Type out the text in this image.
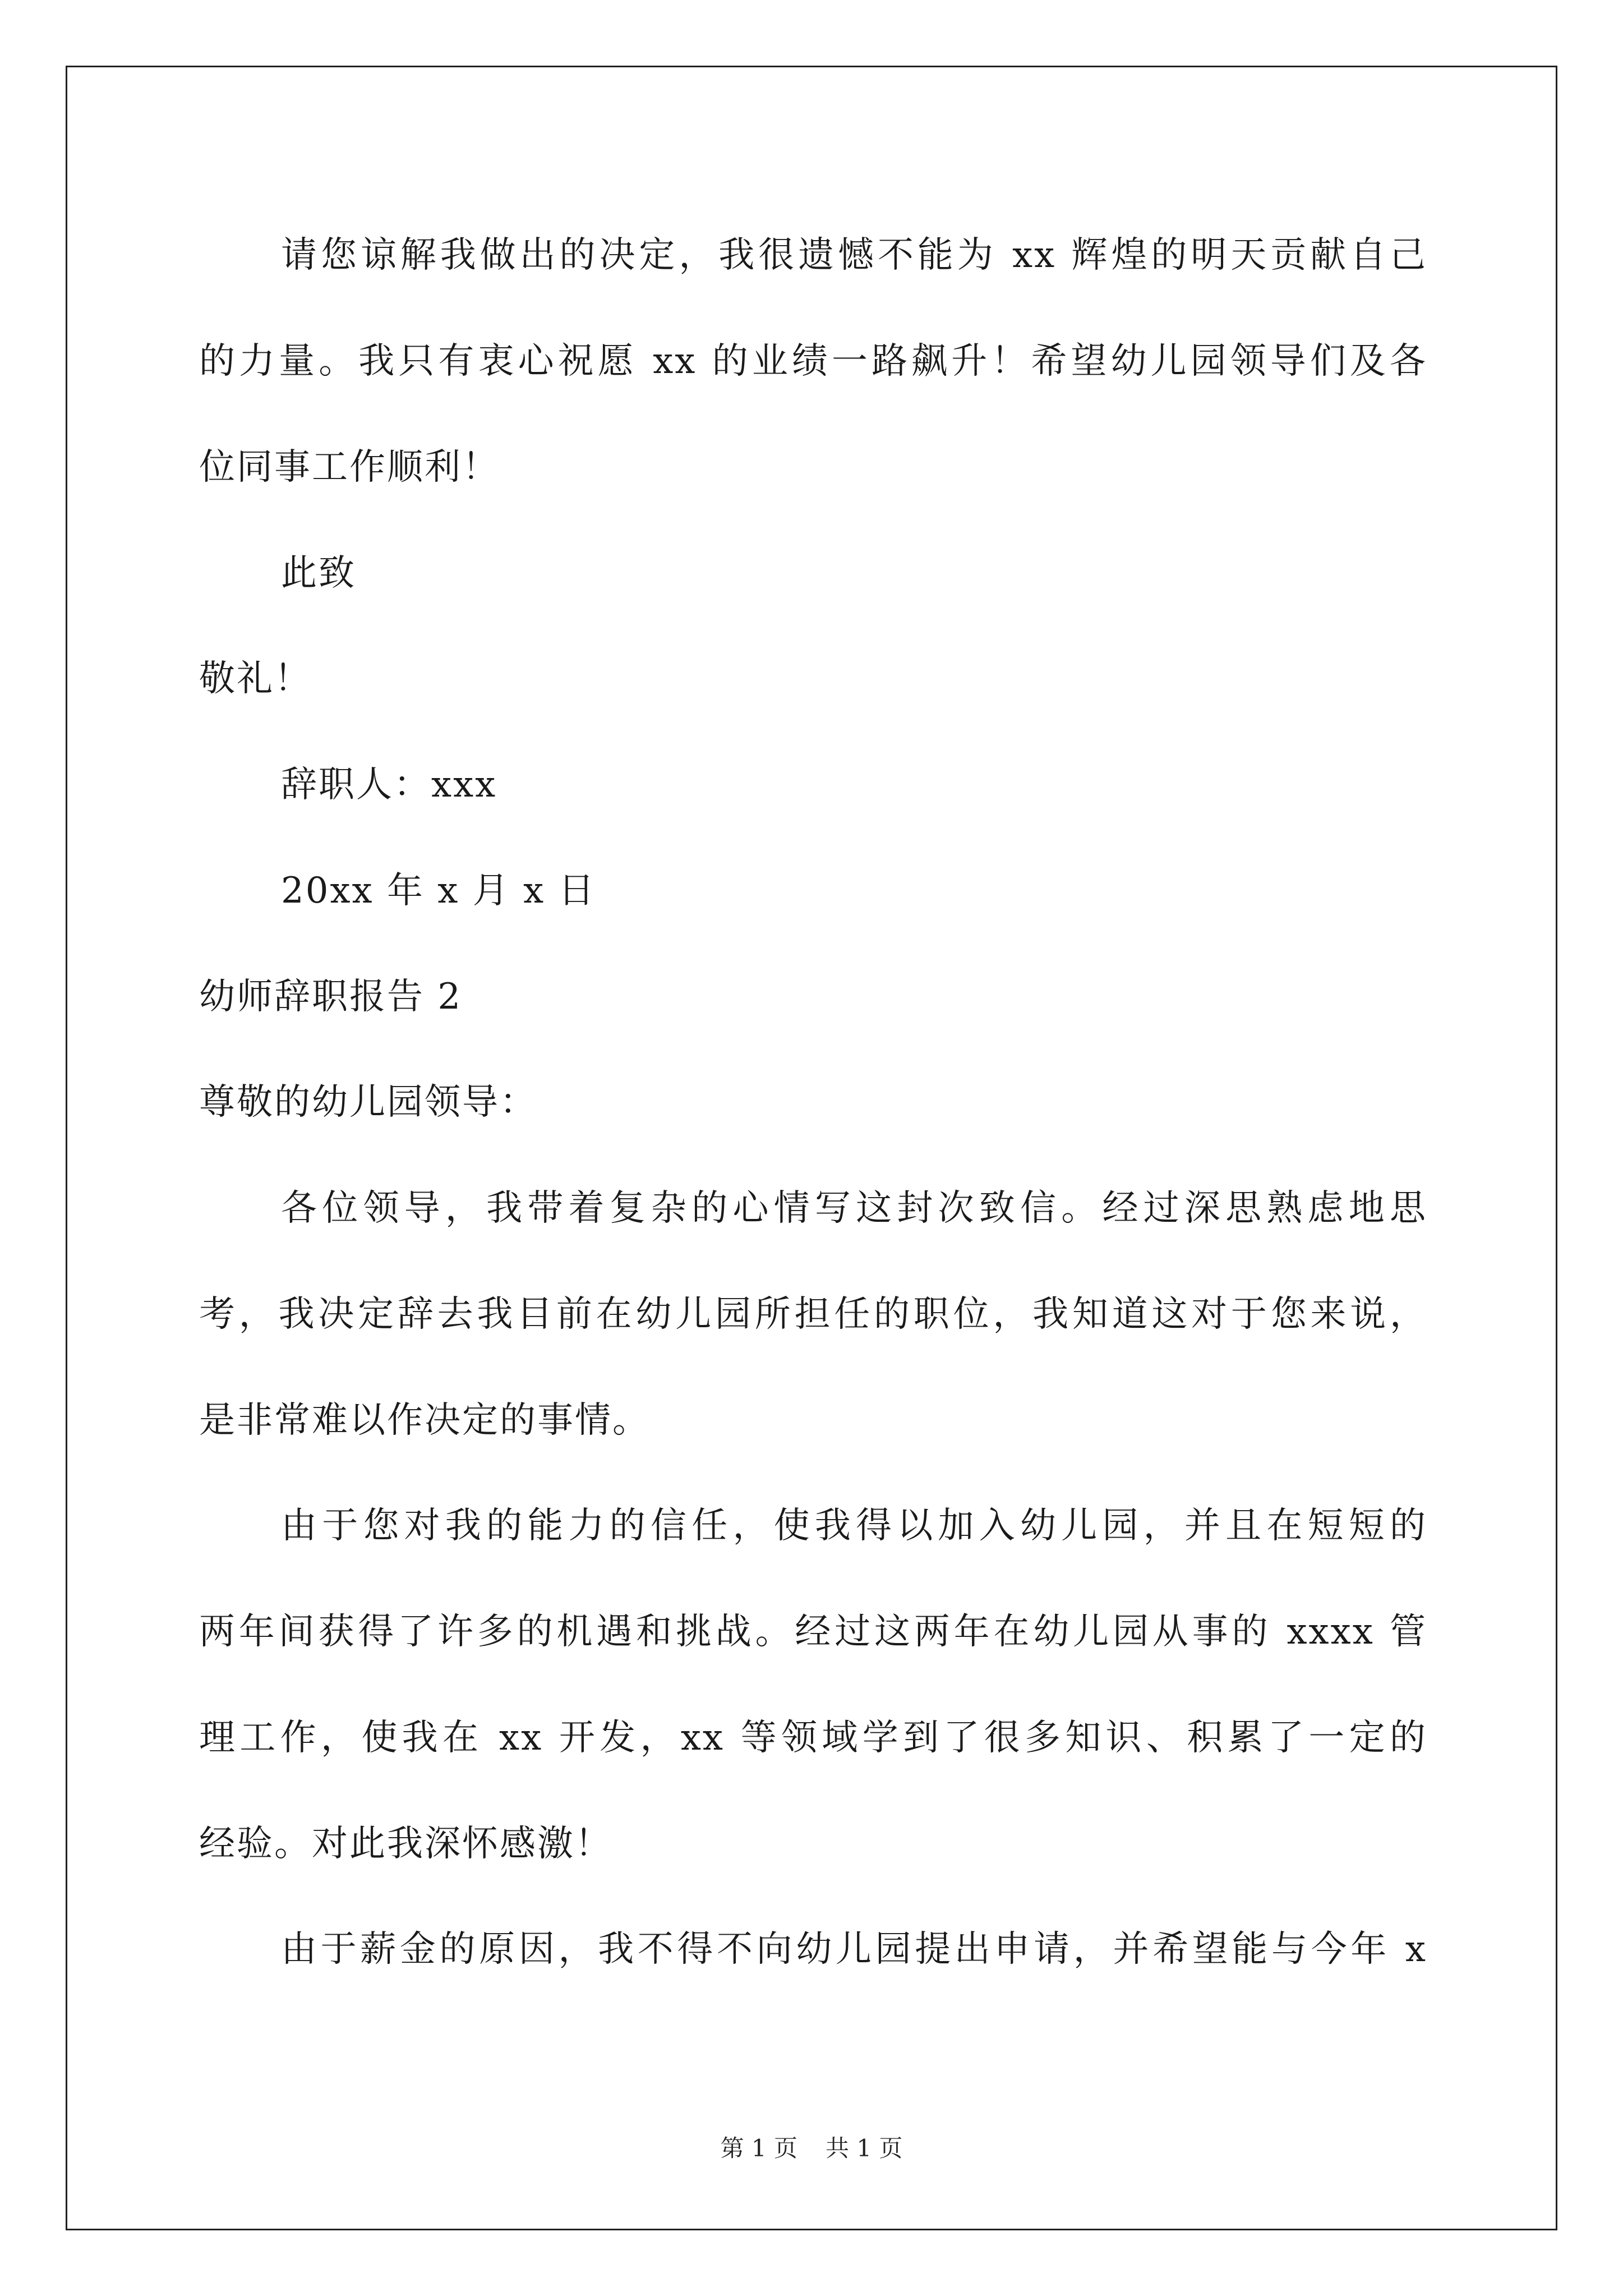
请您谅解我做出的决定，我很遗憾不能为 xx 辉煌的明天贡献自己
的力量。我只有衷心祝愿 xx 的业绩一路飙升！希望幼儿园领导们及各
位同事工作顺利！
此致
敬礼！
辞职人：xxx
20xx 年 x 月 x 日
幼师辞职报告 2
尊敬的幼儿园领导：
各位领导，我带着复杂的心情写这封次致信。经过深思熟虑地思
考，我决定辞去我目前在幼儿园所担任的职位，我知道这对于您来说，
是非常难以作决定的事情。
由于您对我的能力的信任，使我得以加入幼儿园，并且在短短的
两年间获得了许多的机遇和挑战。经过这两年在幼儿园从事的 xxxx 管
理工作，使我在 xx 开发，xx 等领域学到了很多知识、积累了一定的
经验。对此我深怀感激！
由于薪金的原因，我不得不向幼儿园提出申请，并希望能与今年 x
第 1 页 共 1 页
